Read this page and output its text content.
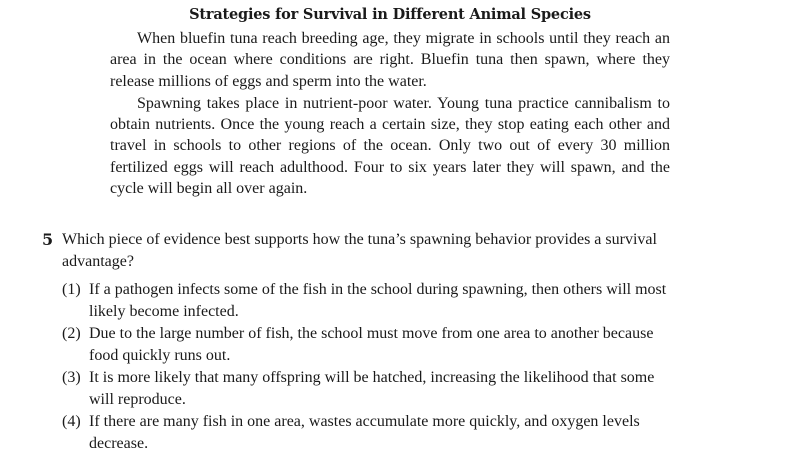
Strategies for Survival in Different Animal Species

When bluefin tuna reach breeding age, they migrate in schools until they reach an area in the ocean where conditions are right. Bluefin tuna then spawn, where they release millions of eggs and sperm into the water.

Spawning takes place in nutrient-poor water. Young tuna practice cannibalism to obtain nutrients. Once the young reach a certain size, they stop eating each other and travel in schools to other regions of the ocean. Only two out of every 30 million fertilized eggs will reach adulthood. Four to six years later they will spawn, and the cycle will begin all over again.

5 Which piece of evidence best supports how the tuna’s spawning behavior provides a survival advantage?

(1) If a pathogen infects some of the fish in the school during spawning, then others will most likely become infected.

(2) Due to the large number of fish, the school must move from one area to another because food quickly runs out.

(3) It is more likely that many offspring will be hatched, increasing the likelihood that some will reproduce.

(4) If there are many fish in one area, wastes accumulate more quickly, and oxygen levels decrease.
